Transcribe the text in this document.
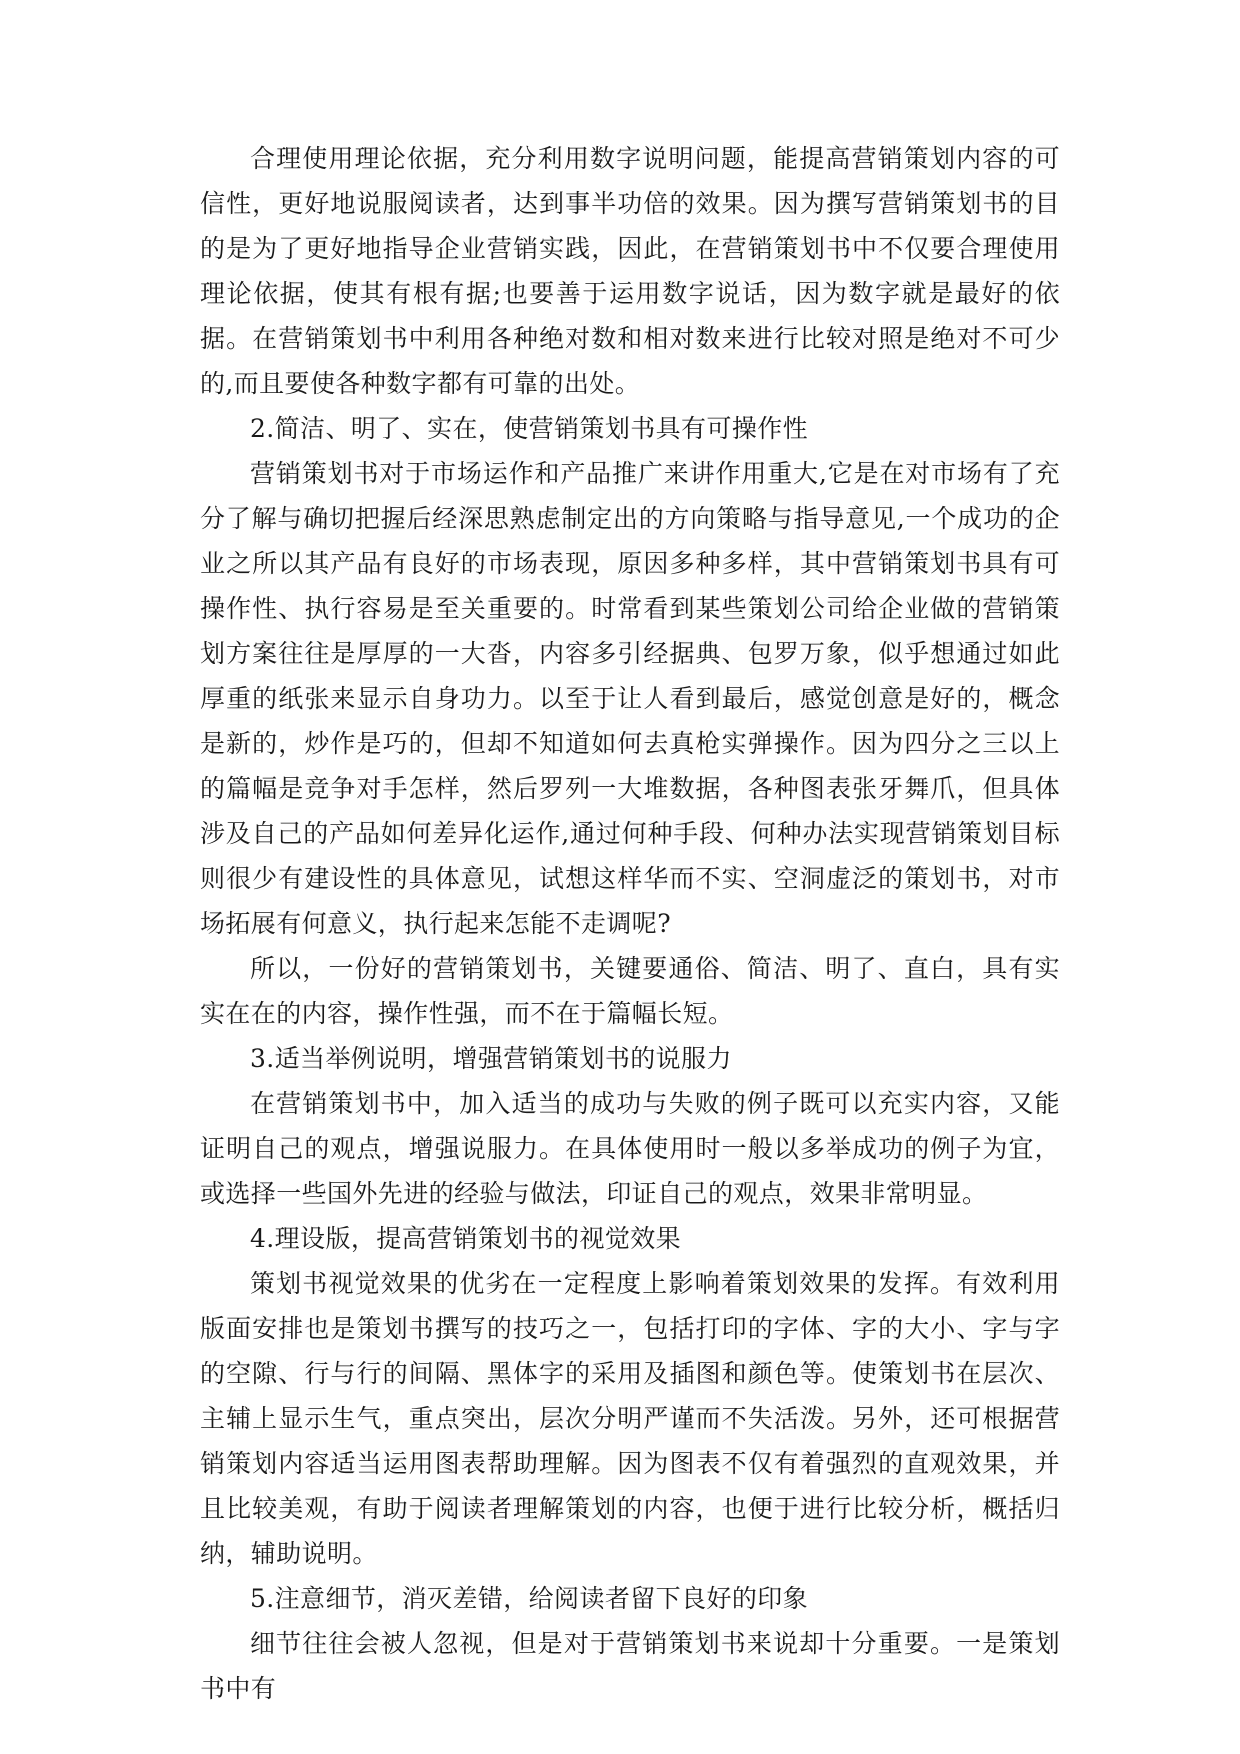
合理使用理论依据，充分利用数字说明问题，能提高营销策划内容的可信性，更好地说服阅读者，达到事半功倍的效果。因为撰写营销策划书的目的是为了更好地指导企业营销实践，因此，在营销策划书中不仅要合理使用理论依据，使其有根有据;也要善于运用数字说话，因为数字就是最好的依据。在营销策划书中利用各种绝对数和相对数来进行比较对照是绝对不可少的,而且要使各种数字都有可靠的出处。

2.简洁、明了、实在，使营销策划书具有可操作性

营销策划书对于市场运作和产品推广来讲作用重大,它是在对市场有了充分了解与确切把握后经深思熟虑制定出的方向策略与指导意见,一个成功的企业之所以其产品有良好的市场表现，原因多种多样，其中营销策划书具有可操作性、执行容易是至关重要的。时常看到某些策划公司给企业做的营销策划方案往往是厚厚的一大沓，内容多引经据典、包罗万象，似乎想通过如此厚重的纸张来显示自身功力。以至于让人看到最后，感觉创意是好的，概念是新的，炒作是巧的，但却不知道如何去真枪实弹操作。因为四分之三以上的篇幅是竞争对手怎样，然后罗列一大堆数据，各种图表张牙舞爪，但具体涉及自己的产品如何差异化运作,通过何种手段、何种办法实现营销策划目标则很少有建设性的具体意见，试想这样华而不实、空洞虚泛的策划书，对市场拓展有何意义，执行起来怎能不走调呢?

所以，一份好的营销策划书，关键要通俗、简洁、明了、直白，具有实实在在的内容，操作性强，而不在于篇幅长短。

3.适当举例说明，增强营销策划书的说服力

在营销策划书中，加入适当的成功与失败的例子既可以充实内容，又能证明自己的观点，增强说服力。在具体使用时一般以多举成功的例子为宜，或选择一些国外先进的经验与做法，印证自己的观点，效果非常明显。

4.理设版，提高营销策划书的视觉效果

策划书视觉效果的优劣在一定程度上影响着策划效果的发挥。有效利用版面安排也是策划书撰写的技巧之一，包括打印的字体、字的大小、字与字的空隙、行与行的间隔、黑体字的采用及插图和颜色等。使策划书在层次、主辅上显示生气，重点突出，层次分明严谨而不失活泼。另外，还可根据营销策划内容适当运用图表帮助理解。因为图表不仅有着强烈的直观效果，并且比较美观，有助于阅读者理解策划的内容，也便于进行比较分析，概括归纳，辅助说明。

5.注意细节，消灭差错，给阅读者留下良好的印象

细节往往会被人忽视，但是对于营销策划书来说却十分重要。一是策划书中有
